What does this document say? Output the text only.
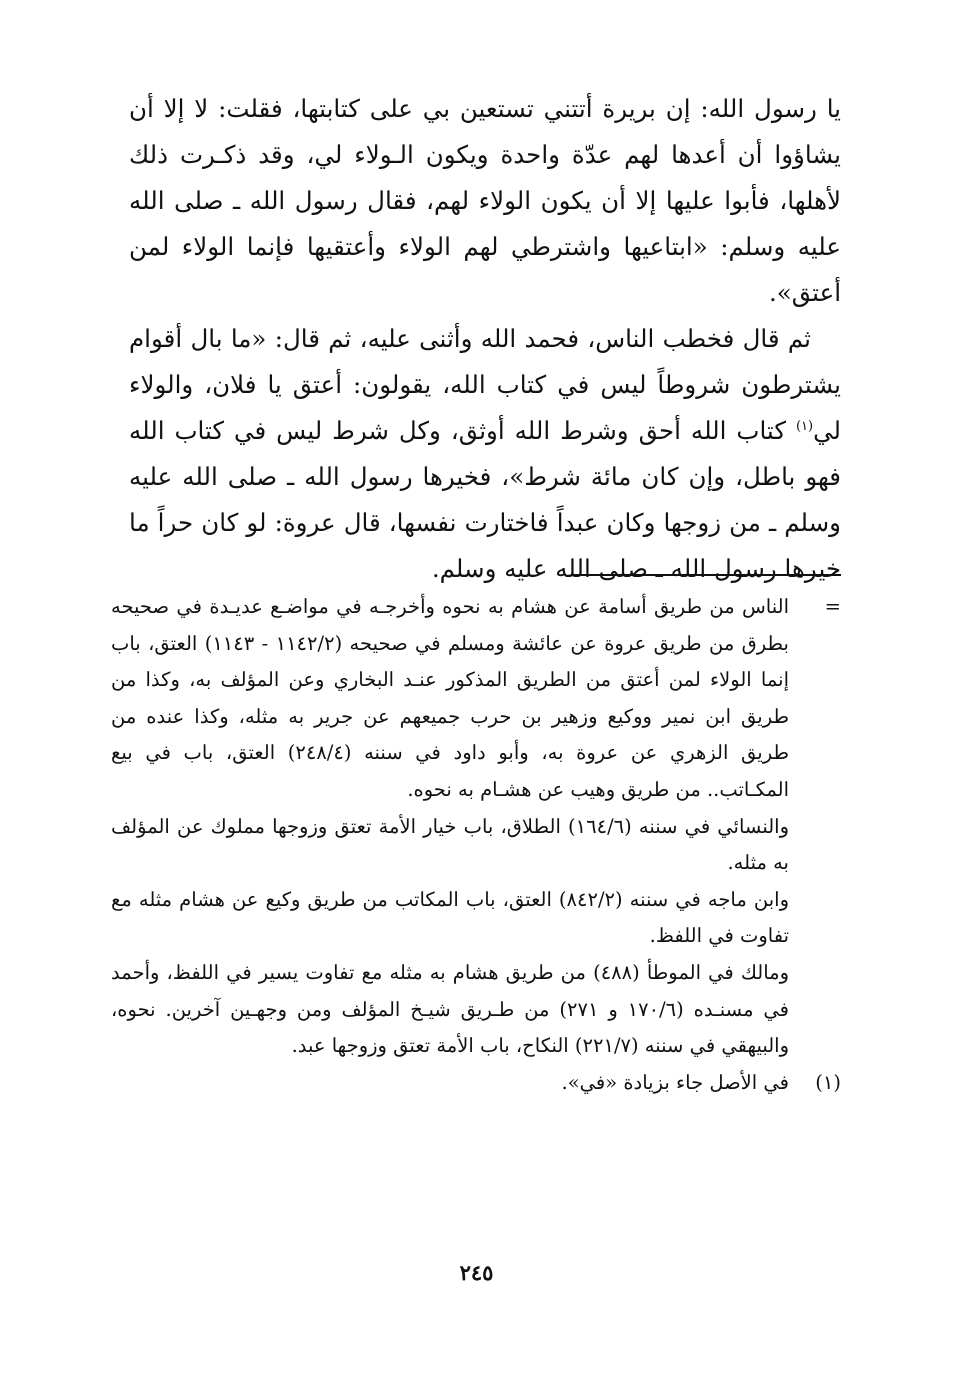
يا رسول الله: إن بريرة أتتني تستعين بي على كتابتها، فقلت: لا إلا أن يشاؤوا أن أعدها لهم عدّة واحدة ويكون الـولاء لي، وقد ذكـرت ذلك لأهلها، فأبوا عليها إلا أن يكون الولاء لهم، فقال رسول الله ـ صلى الله عليه وسلم: «ابتاعيها واشترطي لهم الولاء وأعتقيها فإنما الولاء لمن أعتق».

ثم قال فخطب الناس، فحمد الله وأثنى عليه، ثم قال: «ما بال أقوام يشترطون شروطاً ليس في كتاب الله، يقولون: أعتق يا فلان، والولاء لي$^{(١)}$ كتاب الله أحق وشرط الله أوثق، وكل شرط ليس في كتاب الله فهو باطل، وإن كان مائة شرط»، فخيرها رسول الله ـ صلى الله عليه وسلم ـ من زوجها وكان عبداً فاختارت نفسها، قال عروة: لو كان حراً ما خيرها رسول الله ـ صلى الله عليه وسلم.

=
الناس من طريق أسامة عن هشام به نحوه وأخرجـه في مواضـع عديـدة في صحيحه بطرق من طريق عروة عن عائشة ومسلم في صحيحه (١١٤٢/٢ - ١١٤٣) العتق، باب إنما الولاء لمن أعتق من الطريق المذكور عنـد البخاري وعن المؤلف به، وكذا من طريق ابن نمير ووكيع وزهير بن حرب جميعهم عن جرير به مثله، وكذا عنده من طريق الزهري عن عروة به، وأبو داود في سننه (٢٤٨/٤) العتق، باب في بيع المكـاتب.. من طريق وهيب عن هشـام به نحوه.

والنسائي في سننه (١٦٤/٦) الطلاق، باب خيار الأمة تعتق وزوجها مملوك عن المؤلف به مثله.

وابن ماجه في سننه (٨٤٢/٢) العتق، باب المكاتب من طريق وكيع عن هشام مثله مع تفاوت في اللفظ.

ومالك في الموطأ (٤٨٨) من طريق هشام به مثله مع تفاوت يسير في اللفظ، وأحمد في مسنـده (١٧٠/٦ و ٢٧١) من طـريق شيـخ المؤلف ومن وجهـين آخرين. نحوه، والبيهقي في سننه (٢٢١/٧) النكاح، باب الأمة تعتق وزوجها عبد.

(١)
في الأصل جاء بزيادة «في».

٢٤٥
